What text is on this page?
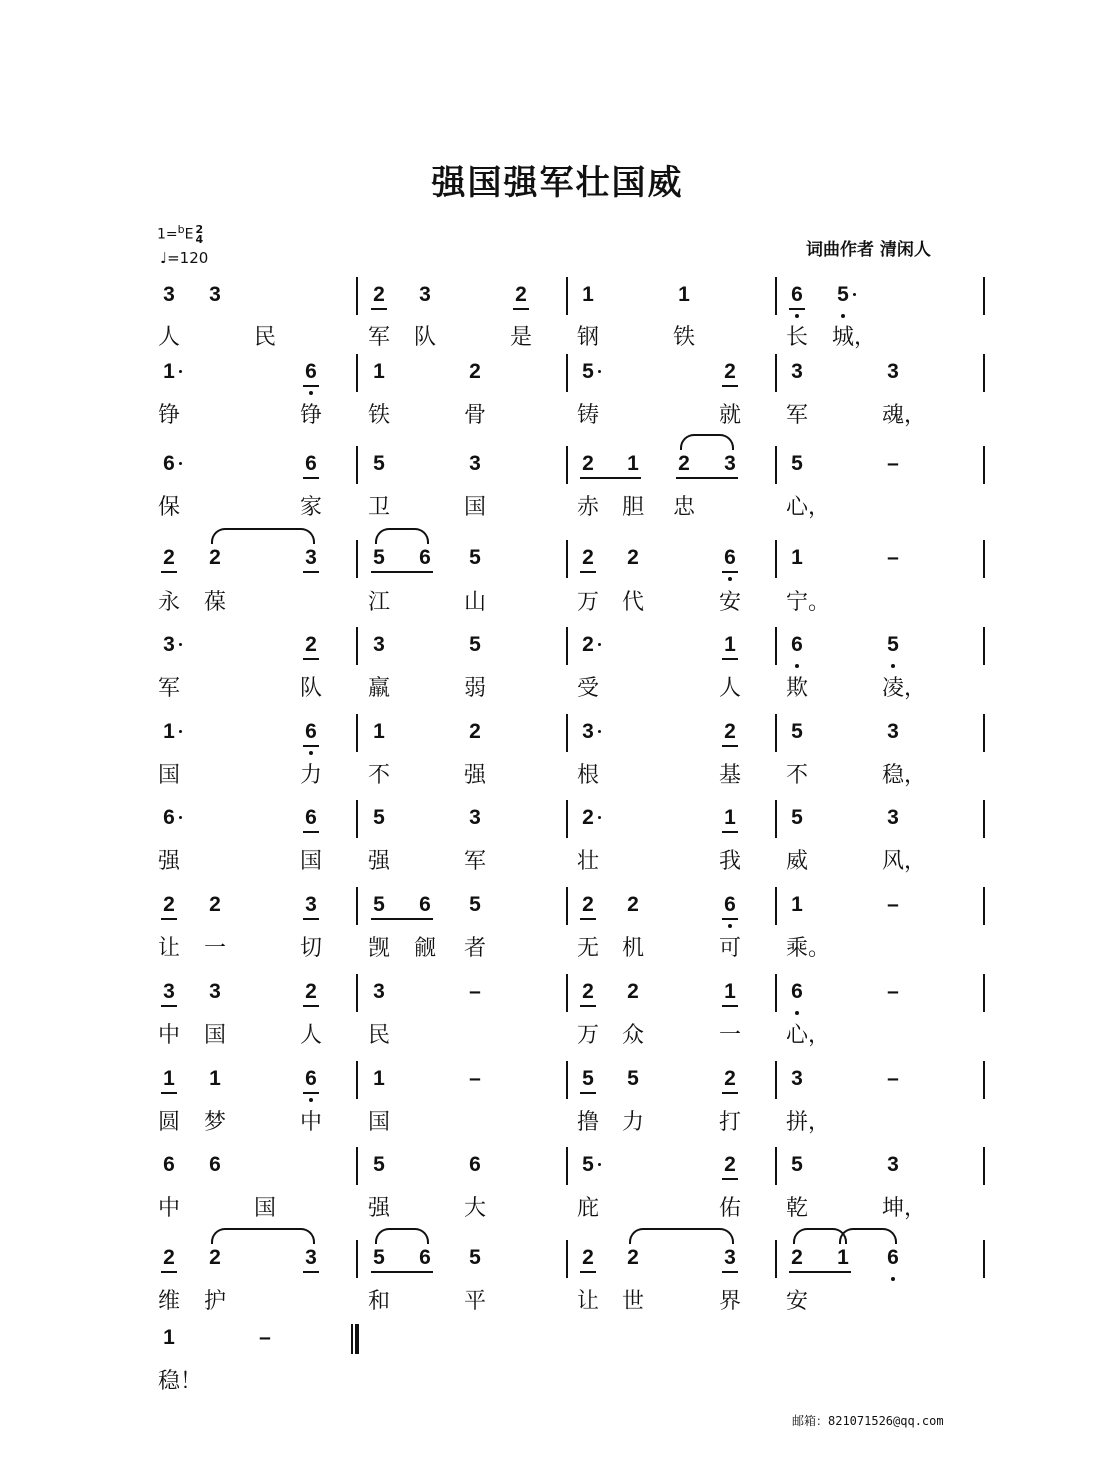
强国强军壮国威
1=$^b$E 2
4
♩=120	词曲作者 清闲人
3 3	2 3	2	1	1	6 5
人	民	军 队	是 钢	铁	长 城，
1	6	1	2	5	2	3	3
铮	铮 铁	骨	铸	就 军	魂，
6	6	5	3	2 1 2 3	5	–
保	家 卫	国	赤 胆 忠	心，
2 2	3	5 6 5	2 2	6	1	–
永 葆	江	山	万 代	安 宁。
3	2	3	5	2	1	6	5
军	队 羸	弱	受	人 欺	凌，
1	6	1	2	3	2	5	3
国	力 不	强	根	基 不	稳，
6	6	5	3	2	1	5	3
强	国 强	军	壮	我 威	风，
2 2	3	5 6 5	2 2	6	1	–
让 一	切 觊 觎 者	无 机	可 乘。
3 3	2	3	–	2 2	1	6	–
中 国	人 民	万 众	一 心，
1 1	6	1	–	5 5	2	3	–
圆 梦	中 国	撸 力	打 拼，
6 6	5	6	5	2	5	3
中	国	强	大	庇	佑 乾	坤，
2 2	3	5 6 5	2 2	3	2 1 6
维 护	和	平	让 世	界 安
1	–
稳！
邮箱：821071526@qq.com
